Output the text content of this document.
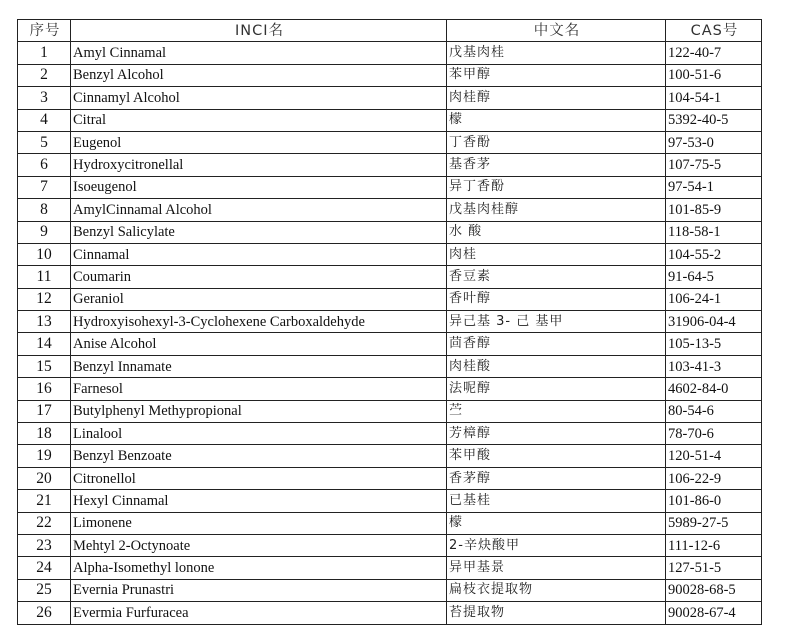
序号	INCI名	中文名	CAS号
1	Amyl Cinnamal	戊基肉桂	122-40-7
2	Benzyl Alcohol	苯甲醇	100-51-6
3	Cinnamyl Alcohol	肉桂醇	104-54-1
4	Citral	檬	5392-40-5
5	Eugenol	丁香酚	97-53-0
6	Hydroxycitronellal	基香茅	107-75-5
7	Isoeugenol	异丁香酚	97-54-1
8	AmylCinnamal Alcohol	戊基肉桂醇	101-85-9
9	Benzyl Salicylate	水 酸	118-58-1
10	Cinnamal	肉桂	104-55-2
11	Coumarin	香豆素	91-64-5
12	Geraniol	香叶醇	106-24-1
13	Hydroxyisohexyl-3-Cyclohexene Carboxaldehyde	异己基 3- 己 基甲	31906-04-4
14	Anise Alcohol	茴香醇	105-13-5
15	Benzyl Innamate	肉桂酸	103-41-3
16	Farnesol	法呢醇	4602-84-0
17	Butylphenyl Methypropional	苎	80-54-6
18	Linalool	芳樟醇	78-70-6
19	Benzyl Benzoate	苯甲酸	120-51-4
20	Citronellol	香茅醇	106-22-9
21	Hexyl Cinnamal	已基桂	101-86-0
22	Limonene	檬	5989-27-5
23	Mehtyl 2-Octynoate	2-辛炔酸甲	111-12-6
24	Alpha-Isomethyl lonone	异甲基景	127-51-5
25	Evernia Prunastri	扁枝衣提取物	90028-68-5
26	Evermia Furfuracea	苔提取物	90028-67-4
